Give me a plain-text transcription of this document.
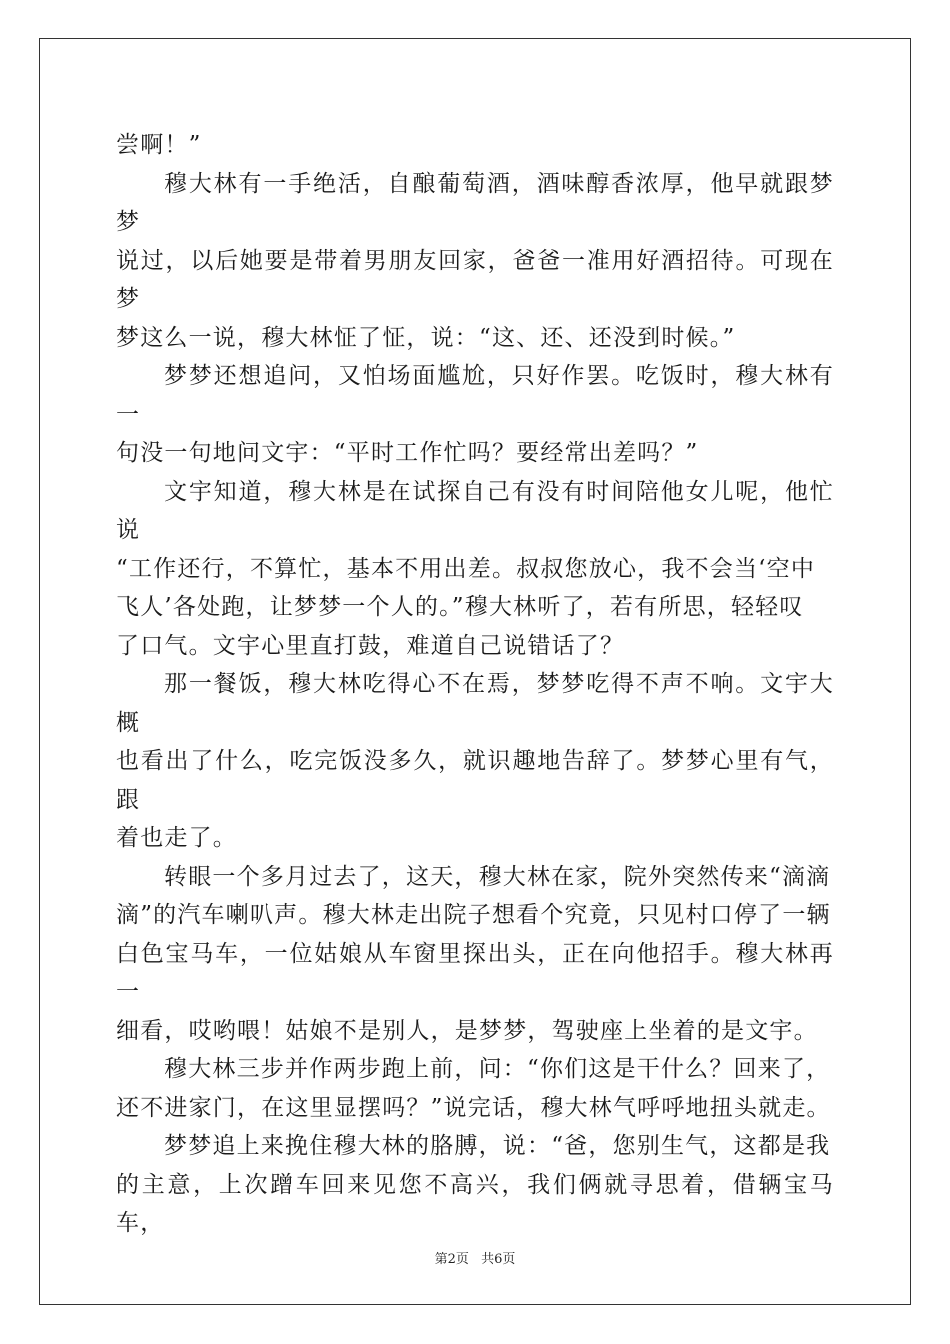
尝啊！”

穆大林有一手绝活，自酿葡萄酒，酒味醇香浓厚，他早就跟梦梦

说过，以后她要是带着男朋友回家，爸爸一准用好酒招待。可现在梦

梦这么一说，穆大林怔了怔，说：“这、还、还没到时候。”

梦梦还想追问，又怕场面尴尬，只好作罢。吃饭时，穆大林有一

句没一句地问文宇：“平时工作忙吗？要经常出差吗？”

文宇知道，穆大林是在试探自己有没有时间陪他女儿呢，他忙说

“工作还行，不算忙，基本不用出差。叔叔您放心，我不会当‘空中

飞人’各处跑，让梦梦一个人的。”穆大林听了，若有所思，轻轻叹

了口气。文宇心里直打鼓，难道自己说错话了？

那一餐饭，穆大林吃得心不在焉，梦梦吃得不声不响。文宇大概

也看出了什么，吃完饭没多久，就识趣地告辞了。梦梦心里有气，跟

着也走了。

转眼一个多月过去了，这天，穆大林在家，院外突然传来“滴滴

滴”的汽车喇叭声。穆大林走出院子想看个究竟，只见村口停了一辆

白色宝马车，一位姑娘从车窗里探出头，正在向他招手。穆大林再一

细看，哎哟喂！姑娘不是别人，是梦梦，驾驶座上坐着的是文宇。

穆大林三步并作两步跑上前，问：“你们这是干什么？回来了，

还不进家门，在这里显摆吗？”说完话，穆大林气呼呼地扭头就走。

梦梦追上来挽住穆大林的胳膊，说：“爸，您别生气，这都是我

的主意，上次蹭车回来见您不高兴，我们俩就寻思着，借辆宝马车，

第2页 共6页
